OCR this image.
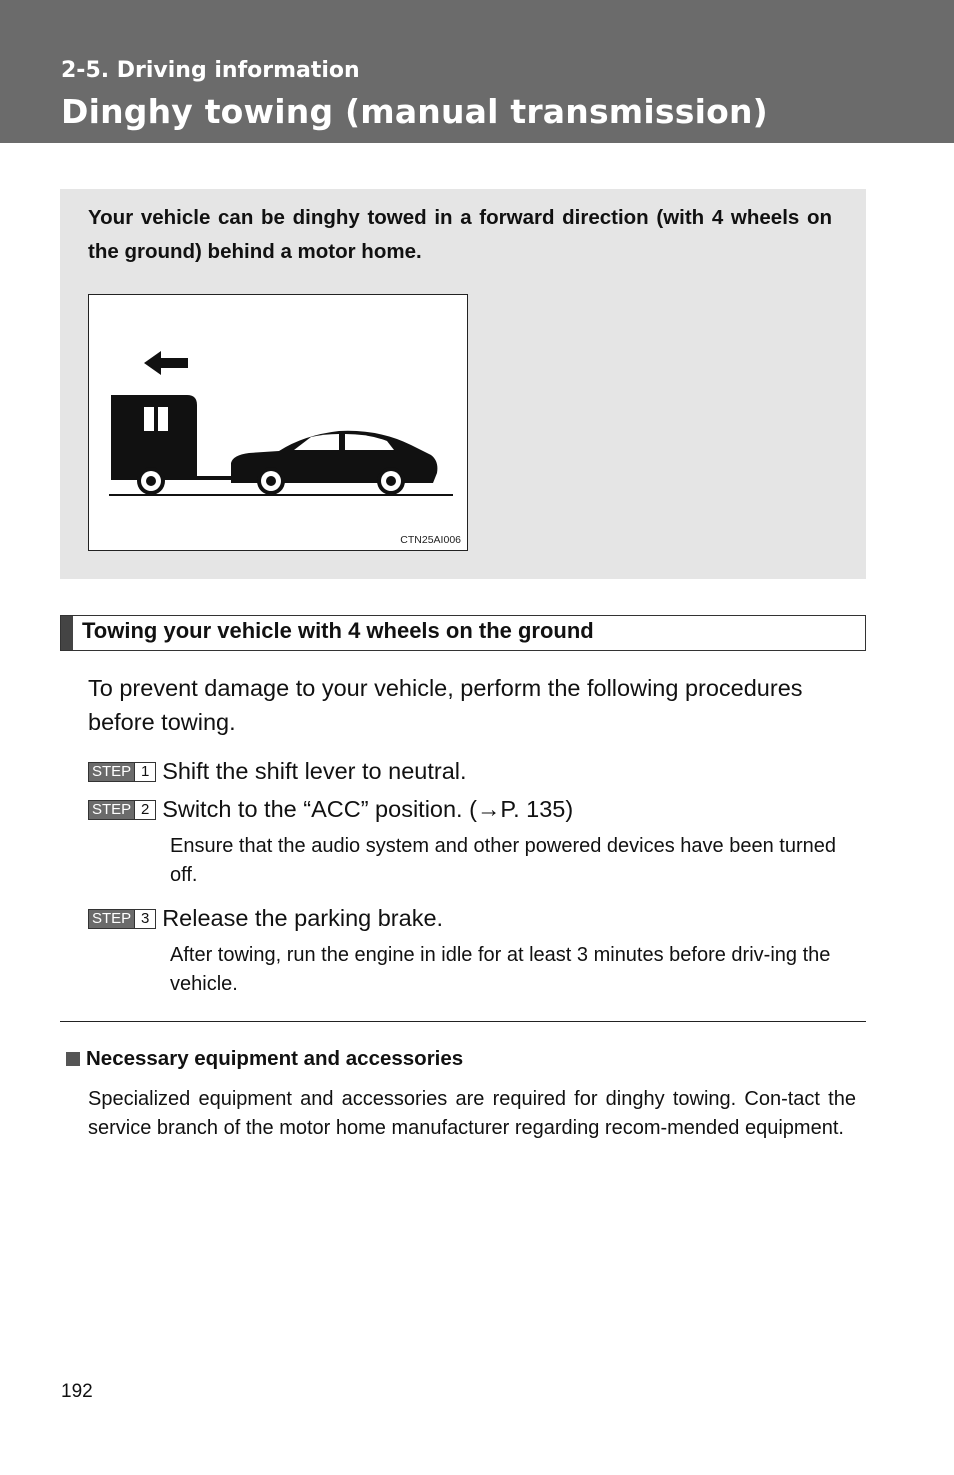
2-5. Driving information
Dinghy towing (manual transmission)
Your vehicle can be dinghy towed in a forward direction (with 4 wheels on the ground) behind a motor home.
CTN25AI006
Towing your vehicle with 4 wheels on the ground
To prevent damage to your vehicle, perform the following procedures before towing.
STEP 1 Shift the shift lever to neutral.
STEP 2 Switch to the “ACC” position. (→P. 135)
Ensure that the audio system and other powered devices have been turned off.
STEP 3 Release the parking brake.
After towing, run the engine in idle for at least 3 minutes before driv-ing the vehicle.
Necessary equipment and accessories
Specialized equipment and accessories are required for dinghy towing. Con-tact the service branch of the motor home manufacturer regarding recom-mended equipment.
192
